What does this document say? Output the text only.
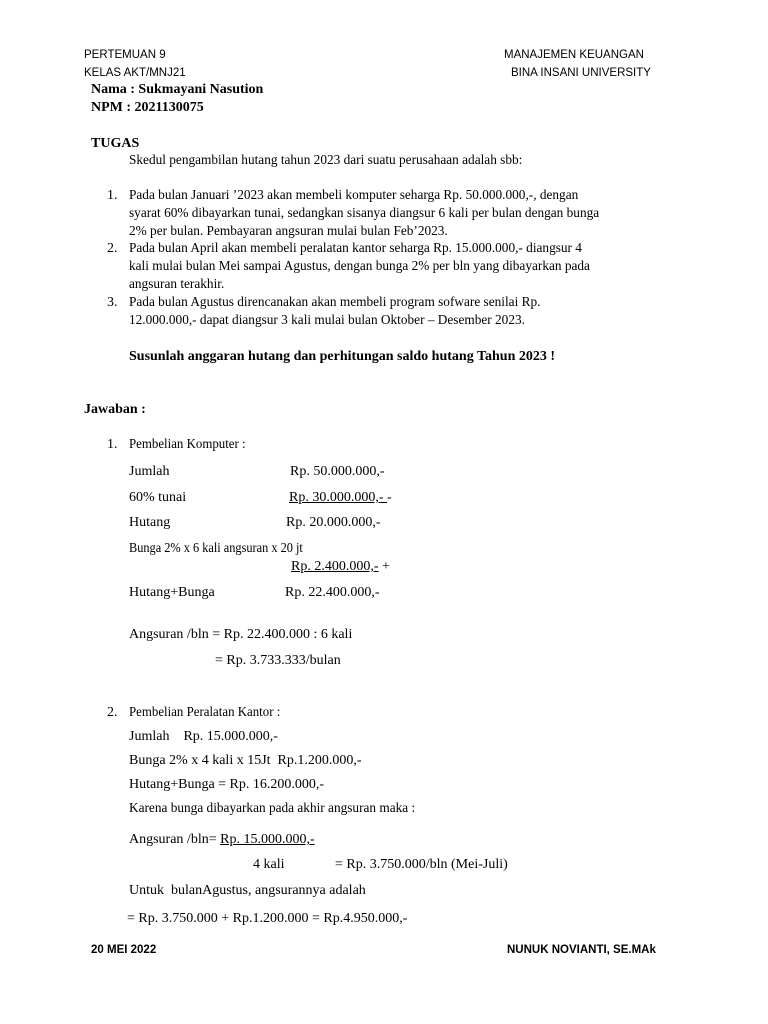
PERTEMUAN 9
KELAS AKT/MNJ21
MANAJEMEN KEUANGAN
BINA INSANI UNIVERSITY
Nama : Sukmayani Nasution
NPM : 2021130075
TUGAS
Skedul pengambilan hutang tahun 2023 dari suatu perusahaan adalah sbb:
1. Pada bulan Januari ’2023 akan membeli komputer seharga Rp. 50.000.000,-, dengan
syarat 60% dibayarkan tunai, sedangkan sisanya diangsur 6 kali per bulan dengan bunga
2% per bulan. Pembayaran angsuran mulai bulan Feb’2023.
2. Pada bulan April akan membeli peralatan kantor seharga Rp. 15.000.000,- diangsur 4
kali mulai bulan Mei sampai Agustus, dengan bunga 2% per bln yang dibayarkan pada
angsuran terakhir.
3. Pada bulan Agustus direncanakan akan membeli program sofware senilai Rp.
12.000.000,- dapat diangsur 3 kali mulai bulan Oktober – Desember 2023.
Susunlah anggaran hutang dan perhitungan saldo hutang Tahun 2023 !
Jawaban :
1. Pembelian Komputer :
Jumlah	Rp. 50.000.000,-
60% tunai	Rp. 30.000.000,- -
Hutang	Rp. 20.000.000,-
Bunga 2% x 6 kali angsuran x 20 jt
Rp. 2.400.000,- +
Hutang+Bunga	Rp. 22.400.000,-
Angsuran /bln = Rp. 22.400.000 : 6 kali
= Rp. 3.733.333/bulan
2. Pembelian Peralatan Kantor :
Jumlah    Rp. 15.000.000,-
Bunga 2% x 4 kali x 15Jt  Rp.1.200.000,-
Hutang+Bunga = Rp. 16.200.000,-
Karena bunga dibayarkan pada akhir angsuran maka :
Angsuran /bln= Rp. 15.000.000,-
4 kali	= Rp. 3.750.000/bln (Mei-Juli)
Untuk  bulanAgustus, angsurannya adalah
= Rp. 3.750.000 + Rp.1.200.000 = Rp.4.950.000,-
20 MEI 2022	NUNUK NOVIANTI, SE.MAk
